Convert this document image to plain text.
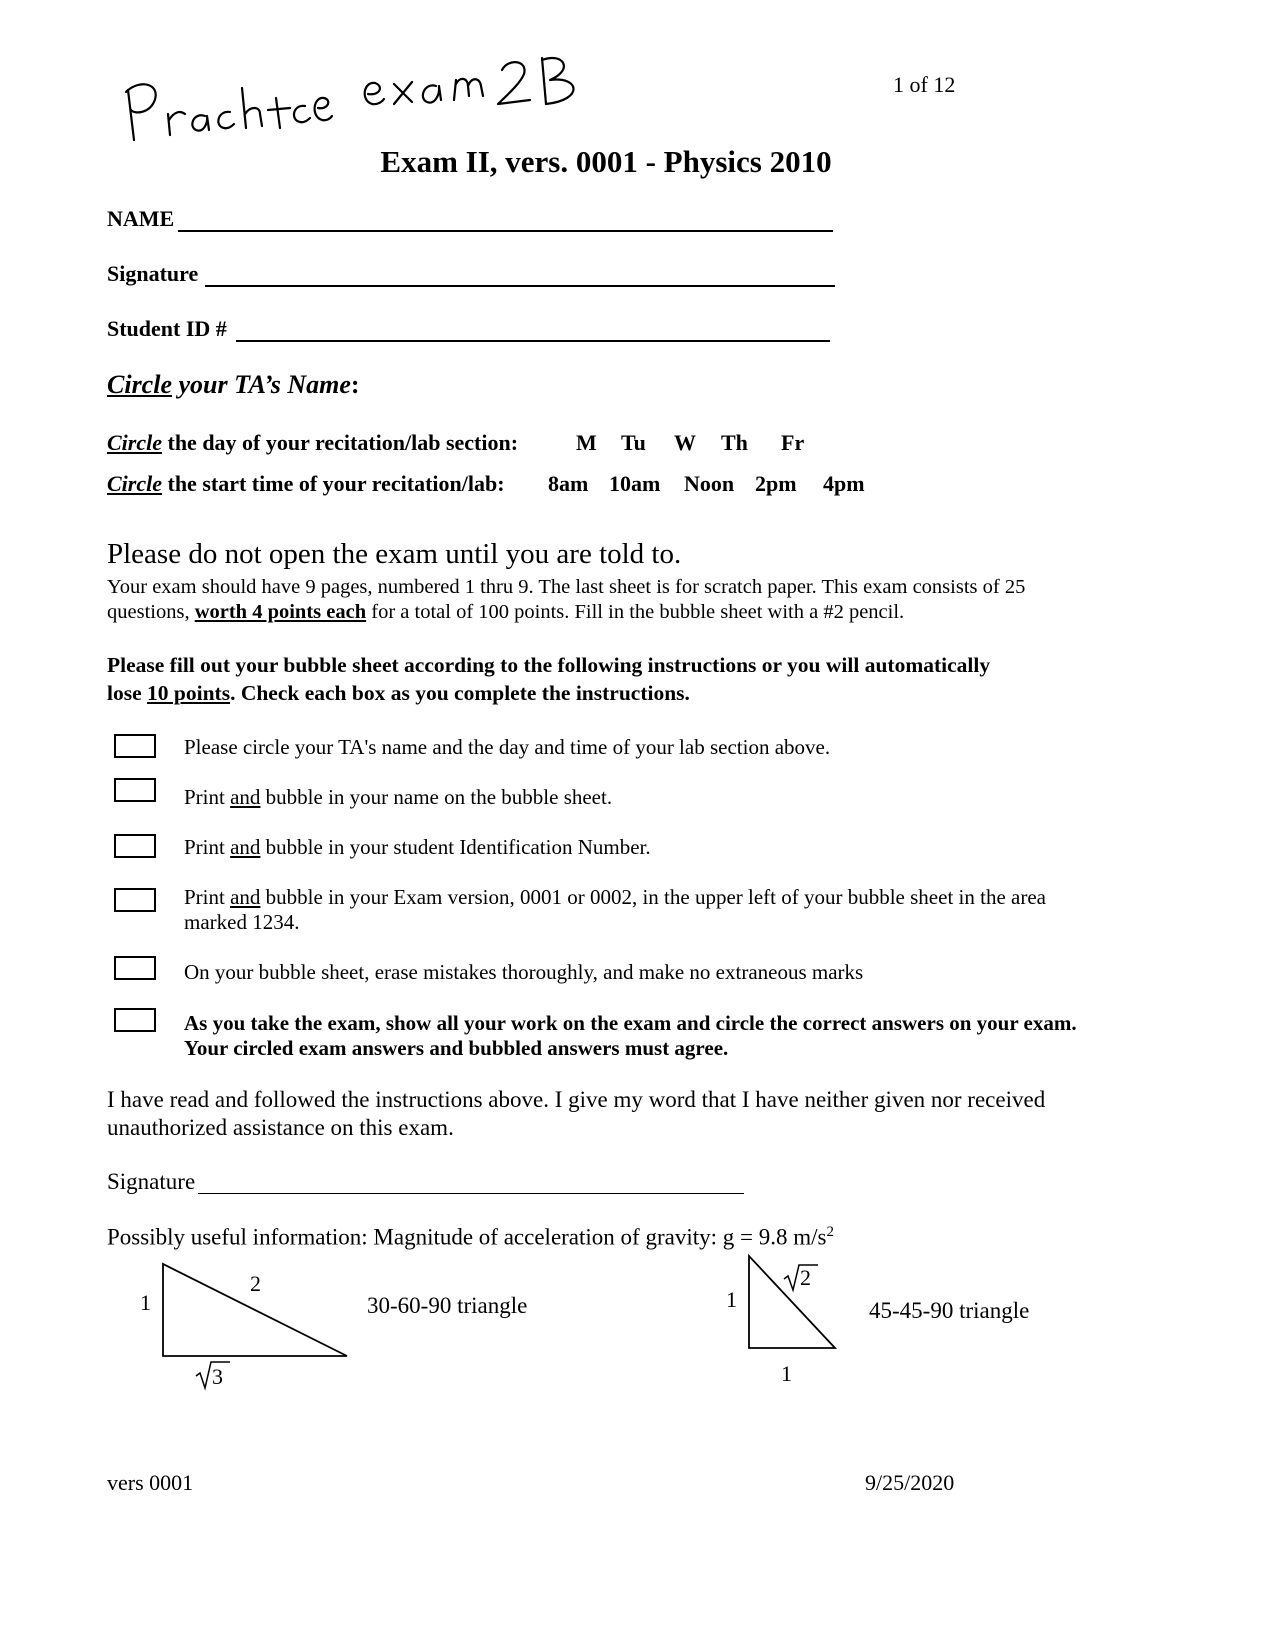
1 of 12
Exam II, vers. 0001 - Physics 2010
NAME
Signature
Student ID #
Circle your TA’s Name:
Circle the day of your recitation/lab section:	M Tu W Th Fr
Circle the start time of your recitation/lab: 8am 10am Noon 2pm 4pm
Please do not open the exam until you are told to.
Your exam should have 9 pages, numbered 1 thru 9. The last sheet is for scratch paper. This exam consists of 25
questions, worth 4 points each for a total of 100 points. Fill in the bubble sheet with a #2 pencil.
Please fill out your bubble sheet according to the following instructions or you will automatically
lose 10 points. Check each box as you complete the instructions.
Please circle your TA's name and the day and time of your lab section above.
Print and bubble in your name on the bubble sheet.
Print and bubble in your student Identification Number.
Print and bubble in your Exam version, 0001 or 0002, in the upper left of your bubble sheet in the area
marked 1234.
On your bubble sheet, erase mistakes thoroughly, and make no extraneous marks
As you take the exam, show all your work on the exam and circle the correct answers on your exam.
Your circled exam answers and bubbled answers must agree.
I have read and followed the instructions above. I give my word that I have neither given nor received
unauthorized assistance on this exam.
Signature
Possibly useful information: Magnitude of acceleration of gravity: g = 9.8 $m/s^2$
1
2
3
30-60-90 triangle	1
2
1
45-45-90 triangle
vers 0001	9/25/2020
